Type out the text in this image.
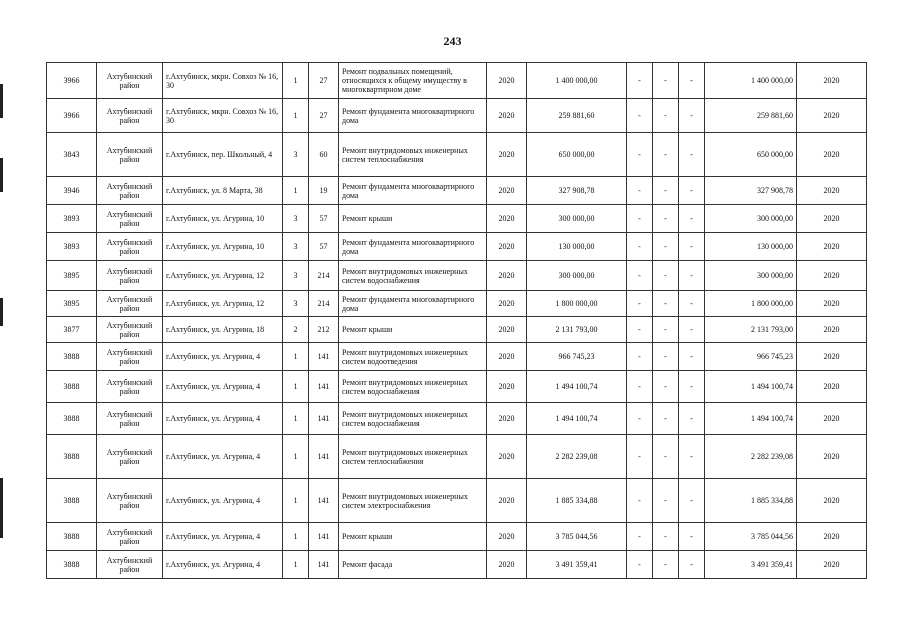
243
3966	Ахтубинский район	г.Ахтубинск, мкрн. Совхоз № 16, 30	1	27	Ремонт подвальных помещений, относящихся к общему имуществу в многоквартирном доме	2020	1 400 000,00	-	-	-	1 400 000,00	2020
3966	Ахтубинский район	г.Ахтубинск, мкрн. Совхоз № 16, 30	1	27	Ремонт фундамента многоквартирного дома	2020	259 881,60	-	-	-	259 881,60	2020
3843	Ахтубинский район	г.Ахтубинск, пер. Школьный, 4	3	60	Ремонт внутридомовых инженерных систем теплоснабжения	2020	650 000,00	-	-	-	650 000,00	2020
3946	Ахтубинский район	г.Ахтубинск, ул. 8 Марта, 38	1	19	Ремонт фундамента многоквартирного дома	2020	327 908,78	-	-	-	327 908,78	2020
3893	Ахтубинский район	г.Ахтубинск, ул. Агурина, 10	3	57	Ремонт крыши	2020	300 000,00	-	-	-	300 000,00	2020
3893	Ахтубинский район	г.Ахтубинск, ул. Агурина, 10	3	57	Ремонт фундамента многоквартирного дома	2020	130 000,00	-	-	-	130 000,00	2020
3895	Ахтубинский район	г.Ахтубинск, ул. Агурина, 12	3	214	Ремонт внутридомовых инженерных систем водоснабжения	2020	300 000,00	-	-	-	300 000,00	2020
3895	Ахтубинский район	г.Ахтубинск, ул. Агурина, 12	3	214	Ремонт фундамента многоквартирного дома	2020	1 800 000,00	-	-	-	1 800 000,00	2020
3877	Ахтубинский район	г.Ахтубинск, ул. Агурина, 18	2	212	Ремонт крыши	2020	2 131 793,00	-	-	-	2 131 793,00	2020
3888	Ахтубинский район	г.Ахтубинск, ул. Агурина, 4	1	141	Ремонт внутридомовых инженерных систем водоотведения	2020	966 745,23	-	-	-	966 745,23	2020
3888	Ахтубинский район	г.Ахтубинск, ул. Агурина, 4	1	141	Ремонт внутридомовых инженерных систем водоснабжения	2020	1 494 100,74	-	-	-	1 494 100,74	2020
3888	Ахтубинский район	г.Ахтубинск, ул. Агурина, 4	1	141	Ремонт внутридомовых инженерных систем водоснабжения	2020	1 494 100,74	-	-	-	1 494 100,74	2020
3888	Ахтубинский район	г.Ахтубинск, ул. Агурина, 4	1	141	Ремонт внутридомовых инженерных систем теплоснабжения	2020	2 282 239,08	-	-	-	2 282 239,08	2020
3888	Ахтубинский район	г.Ахтубинск, ул. Агурина, 4	1	141	Ремонт внутридомовых инженерных систем электроснабжения	2020	1 885 334,88	-	-	-	1 885 334,88	2020
3888	Ахтубинский район	г.Ахтубинск, ул. Агурина, 4	1	141	Ремонт крыши	2020	3 785 044,56	-	-	-	3 785 044,56	2020
3888	Ахтубинский район	г.Ахтубинск, ул. Агурина, 4	1	141	Ремонт фасада	2020	3 491 359,41	-	-	-	3 491 359,41	2020
